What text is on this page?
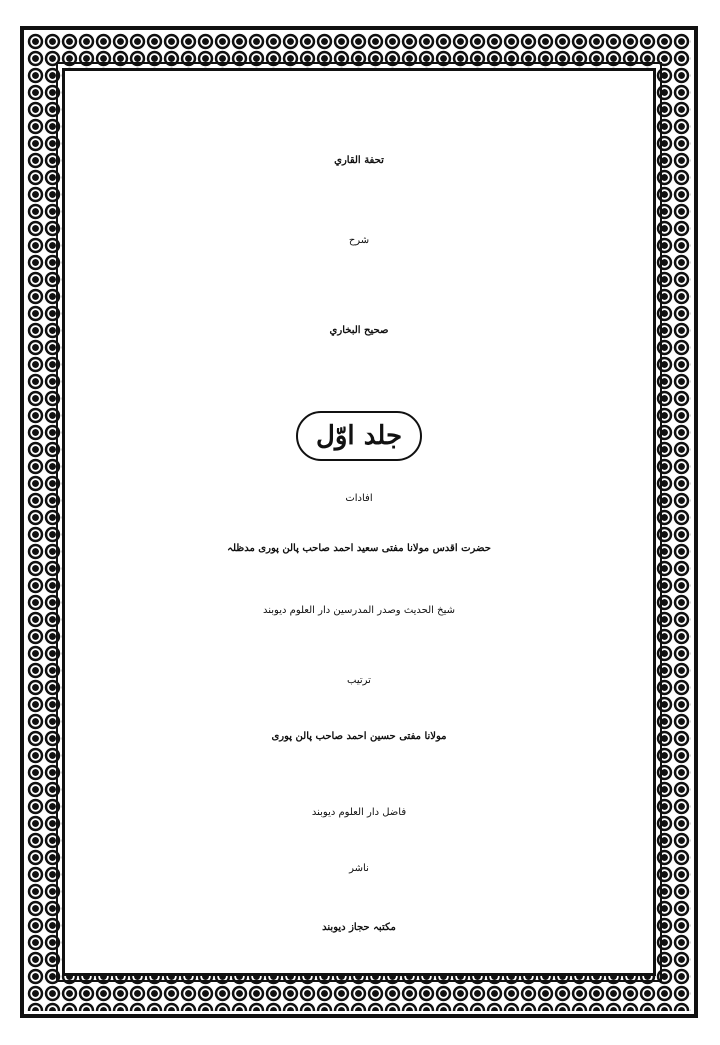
تحفة القاري
شرح
صحيح البخاري
جلد اوّل
افادات
حضرت اقدس مولانا مفتی سعید احمد صاحب پالن پوری مدظلہ
شیخ الحدیث وصدر المدرسین دار العلوم دیوبند
ترتیب
مولانا مفتی حسین احمد صاحب پالن پوری
فاضل دار العلوم دیوبند
ناشر
مکتبہ حجاز دیوبند
